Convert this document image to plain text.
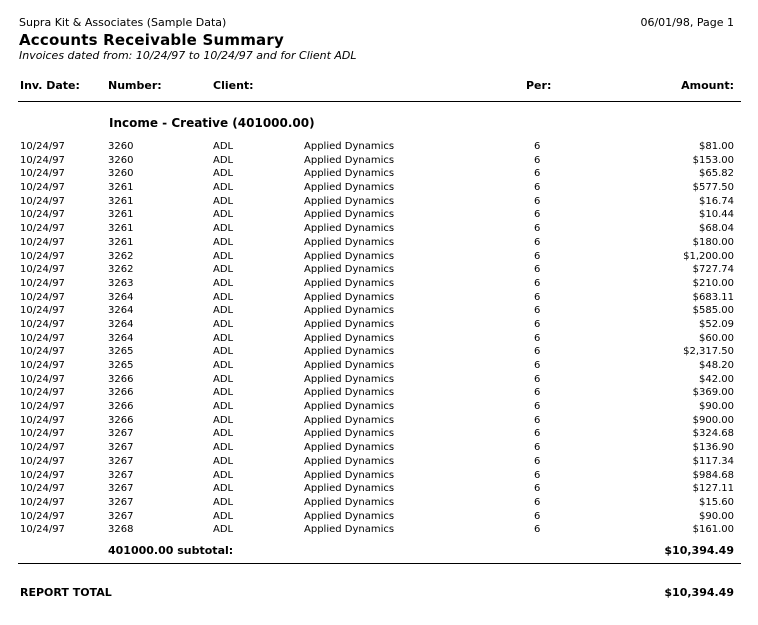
Supra Kit & Associates (Sample Data)	06/01/98, Page 1
Accounts Receivable Summary
Invoices dated from: 10/24/97 to 10/24/97 and for Client ADL
Inv. Date:	Number:	Client:	Per:	Amount:
Income - Creative (401000.00)
10/24/97	3260	ADL	Applied Dynamics	6	$81.00
10/24/97	3260	ADL	Applied Dynamics	6	$153.00
10/24/97	3260	ADL	Applied Dynamics	6	$65.82
10/24/97	3261	ADL	Applied Dynamics	6	$577.50
10/24/97	3261	ADL	Applied Dynamics	6	$16.74
10/24/97	3261	ADL	Applied Dynamics	6	$10.44
10/24/97	3261	ADL	Applied Dynamics	6	$68.04
10/24/97	3261	ADL	Applied Dynamics	6	$180.00
10/24/97	3262	ADL	Applied Dynamics	6	$1,200.00
10/24/97	3262	ADL	Applied Dynamics	6	$727.74
10/24/97	3263	ADL	Applied Dynamics	6	$210.00
10/24/97	3264	ADL	Applied Dynamics	6	$683.11
10/24/97	3264	ADL	Applied Dynamics	6	$585.00
10/24/97	3264	ADL	Applied Dynamics	6	$52.09
10/24/97	3264	ADL	Applied Dynamics	6	$60.00
10/24/97	3265	ADL	Applied Dynamics	6	$2,317.50
10/24/97	3265	ADL	Applied Dynamics	6	$48.20
10/24/97	3266	ADL	Applied Dynamics	6	$42.00
10/24/97	3266	ADL	Applied Dynamics	6	$369.00
10/24/97	3266	ADL	Applied Dynamics	6	$90.00
10/24/97	3266	ADL	Applied Dynamics	6	$900.00
10/24/97	3267	ADL	Applied Dynamics	6	$324.68
10/24/97	3267	ADL	Applied Dynamics	6	$136.90
10/24/97	3267	ADL	Applied Dynamics	6	$117.34
10/24/97	3267	ADL	Applied Dynamics	6	$984.68
10/24/97	3267	ADL	Applied Dynamics	6	$127.11
10/24/97	3267	ADL	Applied Dynamics	6	$15.60
10/24/97	3267	ADL	Applied Dynamics	6	$90.00
10/24/97	3268	ADL	Applied Dynamics	6	$161.00
401000.00 subtotal:	$10,394.49
REPORT TOTAL	$10,394.49
